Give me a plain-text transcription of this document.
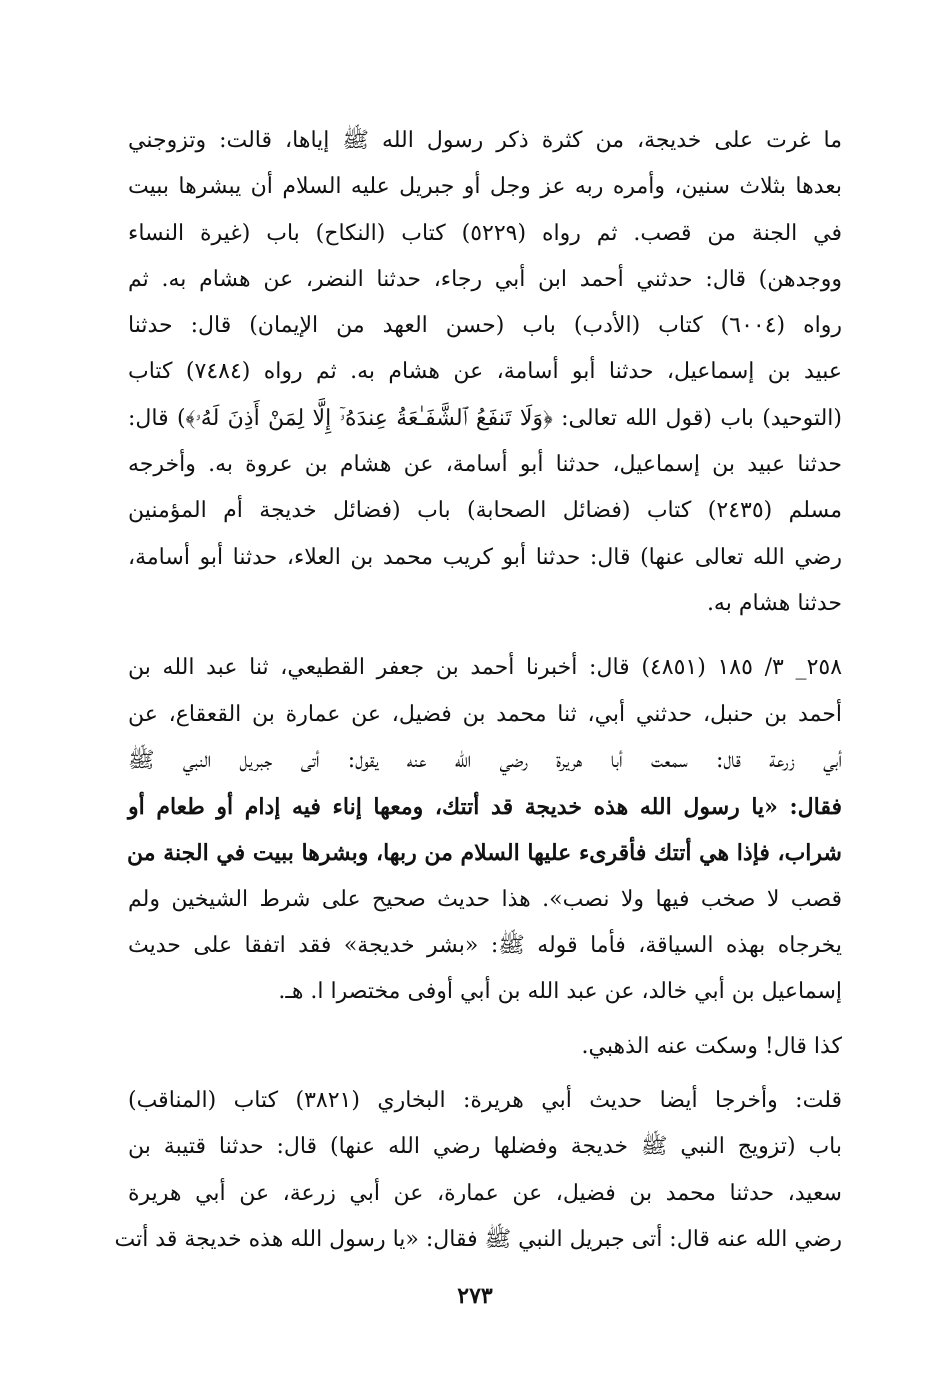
ما غرت على خديجة، من كثرة ذكر رسول الله ﷺ إياها، قالت: وتزوجني
بعدها بثلاث سنين، وأمره ربه عز وجل أو جبريل عليه السلام أن يبشرها ببيت
في الجنة من قصب. ثم رواه (٥٢٢٩) كتاب (النكاح) باب (غيرة النساء
ووجدهن) قال: حدثني أحمد ابن أبي رجاء، حدثنا النضر، عن هشام به. ثم
رواه (٦٠٠٤) كتاب (الأدب) باب (حسن العهد من الإيمان) قال: حدثنا
عبيد بن إسماعيل، حدثنا أبو أسامة، عن هشام به. ثم رواه (٧٤٨٤) كتاب
(التوحيد) باب (قول الله تعالى: ﴿وَلَا تَنفَعُ ٱلشَّفَـٰعَةُ عِندَهُۥٓ إِلَّا لِمَنْ أَذِنَ لَهُۥ﴾) قال:
حدثنا عبيد بن إسماعيل، حدثنا أبو أسامة، عن هشام بن عروة به. وأخرجه
مسلم (٢٤٣٥) كتاب (فضائل الصحابة) باب (فضائل خديجة أم المؤمنين
رضي الله تعالى عنها) قال: حدثنا أبو كريب محمد بن العلاء، حدثنا أبو أسامة،
حدثنا هشام به.
٢٥٨_ ٣/ ١٨٥ (٤٨٥١) قال: أخبرنا أحمد بن جعفر القطيعي، ثنا عبد الله بن
أحمد بن حنبل، حدثني أبي، ثنا محمد بن فضيل، عن عمارة بن القعقاع، عن
أبي زرعة قال: سمعت أبا هريرة رضي الله عنه يقول: أتى جبريل النبي ﷺ
فقال: «يا رسول الله هذه خديجة قد أتتك، ومعها إناء فيه إدام أو طعام أو
شراب، فإذا هي أتتك فأقرىء عليها السلام من ربها، وبشرها ببيت في الجنة من
قصب لا صخب فيها ولا نصب». هذا حديث صحيح على شرط الشيخين ولم
يخرجاه بهذه السياقة، فأما قوله ﷺ: «بشر خديجة» فقد اتفقا على حديث
إسماعيل بن أبي خالد، عن عبد الله بن أبي أوفى مختصرا ا. هـ.
كذا قال! وسكت عنه الذهبي.
قلت: وأخرجا أيضا حديث أبي هريرة: البخاري (٣٨٢١) كتاب (المناقب)
باب (تزويج النبي ﷺ خديجة وفضلها رضي الله عنها) قال: حدثنا قتيبة بن
سعيد، حدثنا محمد بن فضيل، عن عمارة، عن أبي زرعة، عن أبي هريرة
رضي الله عنه قال: أتى جبريل النبي ﷺ فقال: «يا رسول الله هذه خديجة قد أتت
٢٧٣
